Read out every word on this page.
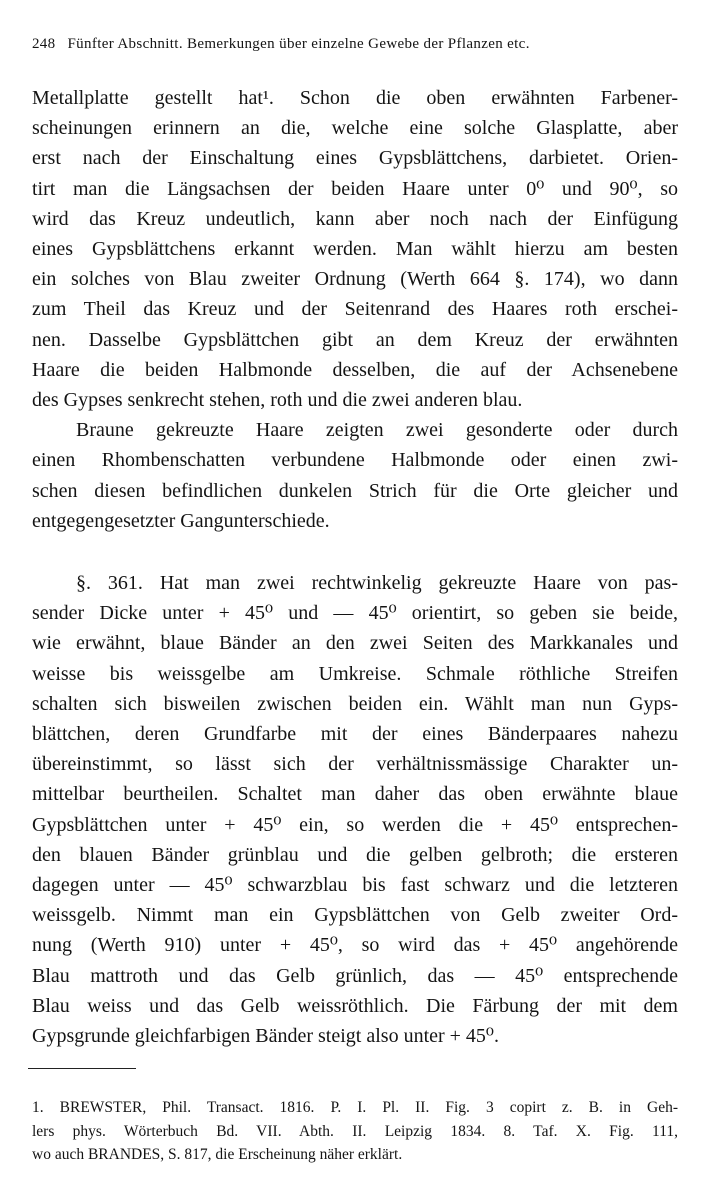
248 Fünfter Abschnitt. Bemerkungen über einzelne Gewebe der Pflanzen etc.

Metallplatte gestellt hat¹. Schon die oben erwähnten Farbener-
scheinungen erinnern an die, welche eine solche Glasplatte, aber
erst nach der Einschaltung eines Gypsblättchens, darbietet. Orien-
tirt man die Längsachsen der beiden Haare unter 0⁰ und 90⁰, so
wird das Kreuz undeutlich, kann aber noch nach der Einfügung
eines Gypsblättchens erkannt werden. Man wählt hierzu am besten
ein solches von Blau zweiter Ordnung (Werth 664 §. 174), wo dann
zum Theil das Kreuz und der Seitenrand des Haares roth erschei-
nen. Dasselbe Gypsblättchen gibt an dem Kreuz der erwähnten
Haare die beiden Halbmonde desselben, die auf der Achsenebene
des Gypses senkrecht stehen, roth und die zwei anderen blau.

Braune gekreuzte Haare zeigten zwei gesonderte oder durch
einen Rhombenschatten verbundene Halbmonde oder einen zwi-
schen diesen befindlichen dunkelen Strich für die Orte gleicher und
entgegengesetzter Gangunterschiede.

§. 361. Hat man zwei rechtwinkelig gekreuzte Haare von pas-
sender Dicke unter + 45⁰ und — 45⁰ orientirt, so geben sie beide,
wie erwähnt, blaue Bänder an den zwei Seiten des Markkanales und
weisse bis weissgelbe am Umkreise. Schmale röthliche Streifen
schalten sich bisweilen zwischen beiden ein. Wählt man nun Gyps-
blättchen, deren Grundfarbe mit der eines Bänderpaares nahezu
übereinstimmt, so lässt sich der verhältnissmässige Charakter un-
mittelbar beurtheilen. Schaltet man daher das oben erwähnte blaue
Gypsblättchen unter + 45⁰ ein, so werden die + 45⁰ entsprechen-
den blauen Bänder grünblau und die gelben gelbroth; die ersteren
dagegen unter — 45⁰ schwarzblau bis fast schwarz und die letzteren
weissgelb. Nimmt man ein Gypsblättchen von Gelb zweiter Ord-
nung (Werth 910) unter + 45⁰, so wird das + 45⁰ angehörende
Blau mattroth und das Gelb grünlich, das — 45⁰ entsprechende
Blau weiss und das Gelb weissröthlich. Die Färbung der mit dem
Gypsgrunde gleichfarbigen Bänder steigt also unter + 45⁰.

1. BREWSTER, Phil. Transact. 1816. P. I. Pl. II. Fig. 3 copirt z. B. in Geh-
lers phys. Wörterbuch Bd. VII. Abth. II. Leipzig 1834. 8. Taf. X. Fig. 111,
wo auch BRANDES, S. 817, die Erscheinung näher erklärt.
